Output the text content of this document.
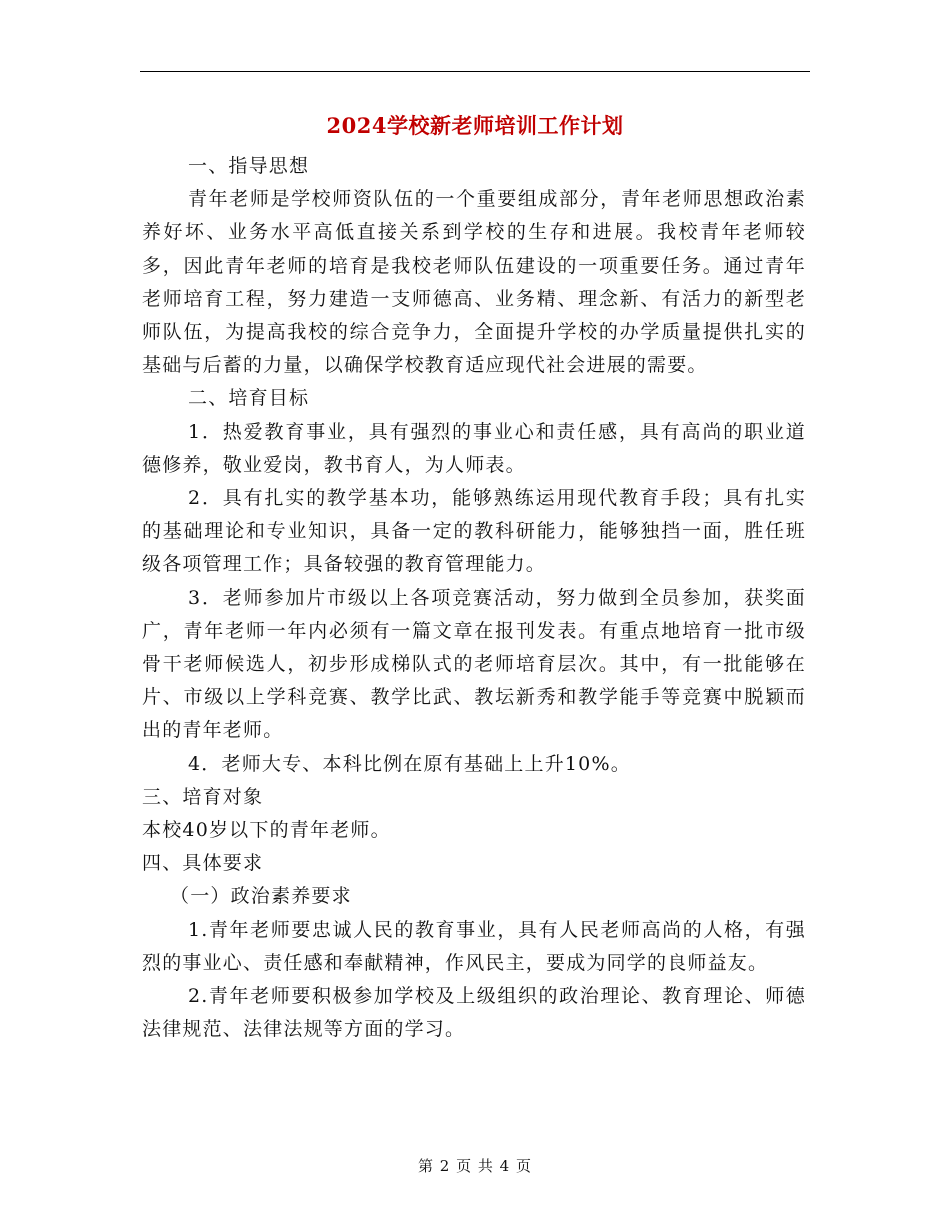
2024学校新老师培训工作计划

一、指导思想

青年老师是学校师资队伍的一个重要组成部分，青年老师思想政治素养好坏、业务水平高低直接关系到学校的生存和进展。我校青年老师较多，因此青年老师的培育是我校老师队伍建设的一项重要任务。通过青年老师培育工程，努力建造一支师德高、业务精、理念新、有活力的新型老师队伍，为提高我校的综合竞争力，全面提升学校的办学质量提供扎实的基础与后蓄的力量，以确保学校教育适应现代社会进展的需要。

二、培育目标

1．热爱教育事业，具有强烈的事业心和责任感，具有高尚的职业道德修养，敬业爱岗，教书育人，为人师表。

2．具有扎实的教学基本功，能够熟练运用现代教育手段；具有扎实的基础理论和专业知识，具备一定的教科研能力，能够独挡一面，胜任班级各项管理工作；具备较强的教育管理能力。

3．老师参加片市级以上各项竞赛活动，努力做到全员参加，获奖面广，青年老师一年内必须有一篇文章在报刊发表。有重点地培育一批市级骨干老师候选人，初步形成梯队式的老师培育层次。其中，有一批能够在片、市级以上学科竞赛、教学比武、教坛新秀和教学能手等竞赛中脱颖而出的青年老师。

4．老师大专、本科比例在原有基础上上升10%。

三、培育对象

本校40岁以下的青年老师。

四、具体要求

（一）政治素养要求

1.青年老师要忠诚人民的教育事业，具有人民老师高尚的人格，有强烈的事业心、责任感和奉献精神，作风民主，要成为同学的良师益友。

2.青年老师要积极参加学校及上级组织的政治理论、教育理论、师德法律规范、法律法规等方面的学习。

第 2 页 共 4 页
